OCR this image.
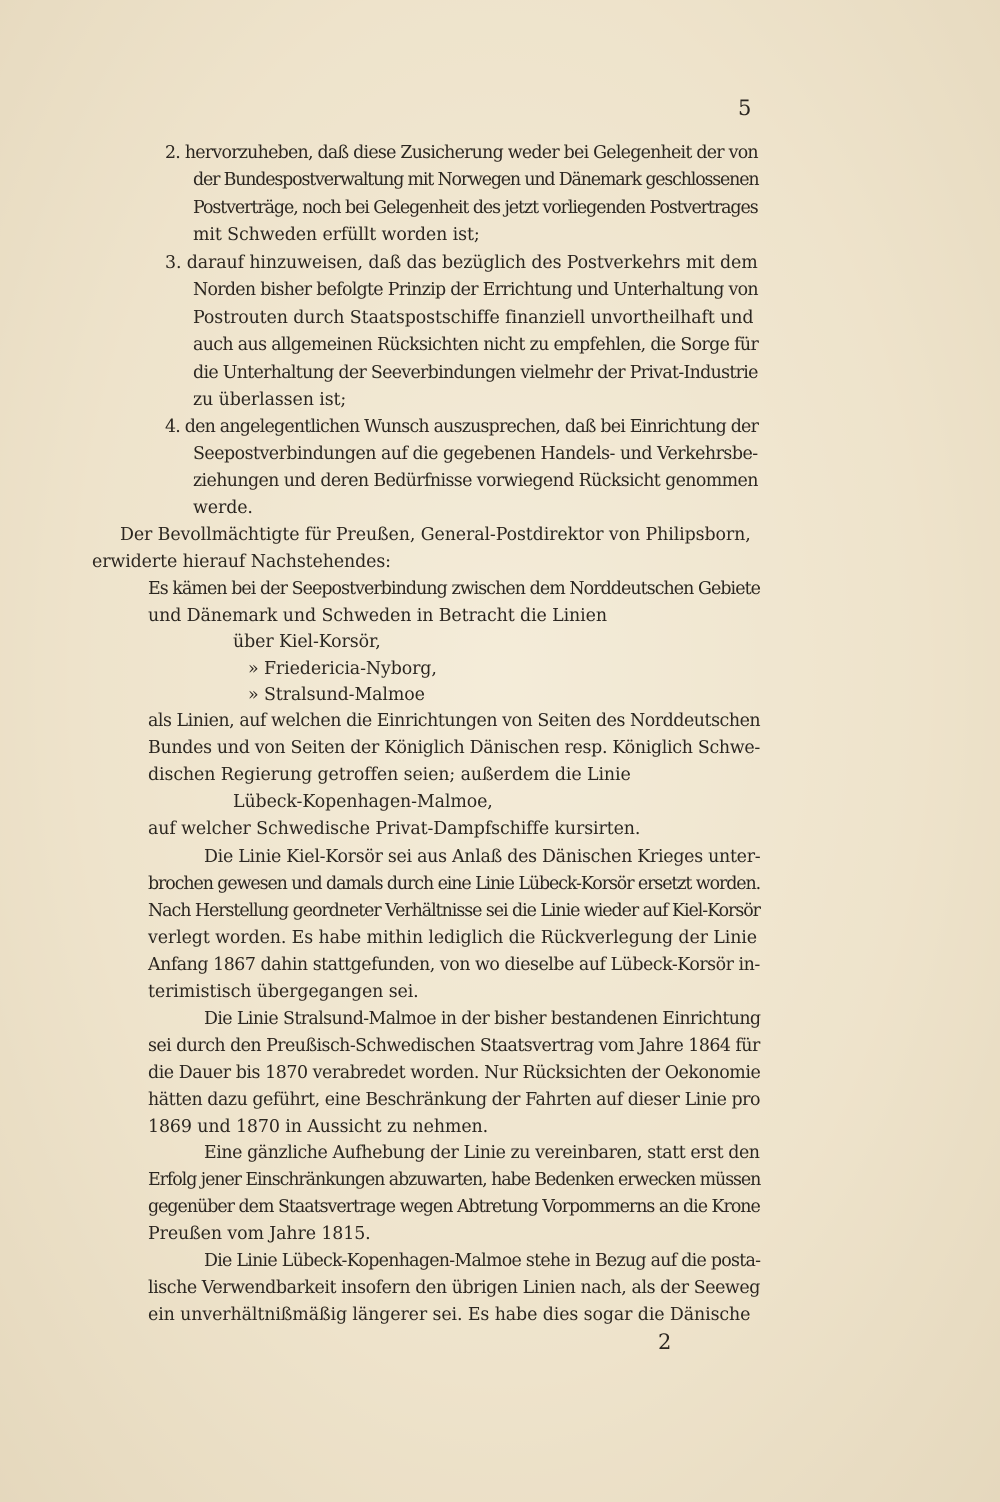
5
2. hervorzuheben, daß diese Zusicherung weder bei Gelegenheit der von
der Bundespostverwaltung mit Norwegen und Dänemark geschlossenen
Postverträge, noch bei Gelegenheit des jetzt vorliegenden Postvertrages
mit Schweden erfüllt worden ist;
3. darauf hinzuweisen, daß das bezüglich des Postverkehrs mit dem
Norden bisher befolgte Prinzip der Errichtung und Unterhaltung von
Postrouten durch Staatspostschiffe finanziell unvortheilhaft und
auch aus allgemeinen Rücksichten nicht zu empfehlen, die Sorge für
die Unterhaltung der Seeverbindungen vielmehr der Privat-Industrie
zu überlassen ist;
4. den angelegentlichen Wunsch auszusprechen, daß bei Einrichtung der
Seepostverbindungen auf die gegebenen Handels- und Verkehrsbe-
ziehungen und deren Bedürfnisse vorwiegend Rücksicht genommen
werde.
Der Bevollmächtigte für Preußen, General-Postdirektor von Philipsborn,
erwiderte hierauf Nachstehendes:
Es kämen bei der Seepostverbindung zwischen dem Norddeutschen Gebiete
und Dänemark und Schweden in Betracht die Linien
über Kiel-Korsör,
» Friedericia-Nyborg,
» Stralsund-Malmoe
als Linien, auf welchen die Einrichtungen von Seiten des Norddeutschen
Bundes und von Seiten der Königlich Dänischen resp. Königlich Schwe-
dischen Regierung getroffen seien; außerdem die Linie
Lübeck-Kopenhagen-Malmoe,
auf welcher Schwedische Privat-Dampfschiffe kursirten.
Die Linie Kiel-Korsör sei aus Anlaß des Dänischen Krieges unter-
brochen gewesen und damals durch eine Linie Lübeck-Korsör ersetzt worden.
Nach Herstellung geordneter Verhältnisse sei die Linie wieder auf Kiel-Korsör
verlegt worden. Es habe mithin lediglich die Rückverlegung der Linie
Anfang 1867 dahin stattgefunden, von wo dieselbe auf Lübeck-Korsör in-
terimistisch übergegangen sei.
Die Linie Stralsund-Malmoe in der bisher bestandenen Einrichtung
sei durch den Preußisch-Schwedischen Staatsvertrag vom Jahre 1864 für
die Dauer bis 1870 verabredet worden. Nur Rücksichten der Oekonomie
hätten dazu geführt, eine Beschränkung der Fahrten auf dieser Linie pro
1869 und 1870 in Aussicht zu nehmen.
Eine gänzliche Aufhebung der Linie zu vereinbaren, statt erst den
Erfolg jener Einschränkungen abzuwarten, habe Bedenken erwecken müssen
gegenüber dem Staatsvertrage wegen Abtretung Vorpommerns an die Krone
Preußen vom Jahre 1815.
Die Linie Lübeck-Kopenhagen-Malmoe stehe in Bezug auf die posta-
lische Verwendbarkeit insofern den übrigen Linien nach, als der Seeweg
ein unverhältnißmäßig längerer sei. Es habe dies sogar die Dänische
2
